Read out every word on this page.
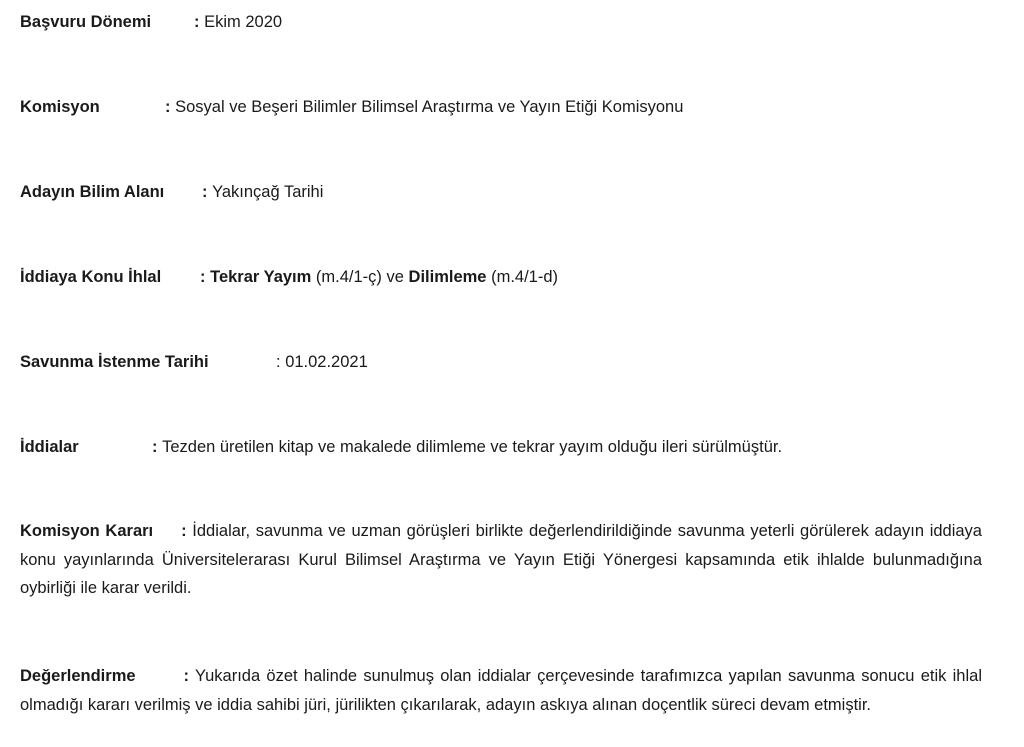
Başvuru Dönemi	: Ekim 2020
Komisyon	: Sosyal ve Beşeri Bilimler Bilimsel Araştırma ve Yayın Etiği Komisyonu
Adayın Bilim Alanı : Yakınçağ Tarihi
İddiaya Konu İhlal : Tekrar Yayım (m.4/1-ç) ve Dilimleme (m.4/1-d)
Savunma İstenme Tarihi	: 01.02.2021
İddialar	: Tezden üretilen kitap ve makalede dilimleme ve tekrar yayım olduğu ileri sürülmüştür.
Komisyon Kararı : İddialar, savunma ve uzman görüşleri birlikte değerlendirildiğinde savunma yeterli görülerek adayın iddiaya konu yayınlarında Üniversitelerarası Kurul Bilimsel Araştırma ve Yayın Etiği Yönergesi kapsamında etik ihlalde bulunmadığına oybirliği ile karar verildi.
Değerlendirme	: Yukarıda özet halinde sunulmuş olan iddialar çerçevesinde tarafımızca yapılan savunma sonucu etik ihlal olmadığı kararı verilmiş ve iddia sahibi jüri, jürilikten çıkarılarak, adayın askıya alınan doçentlik süreci devam etmiştir.
